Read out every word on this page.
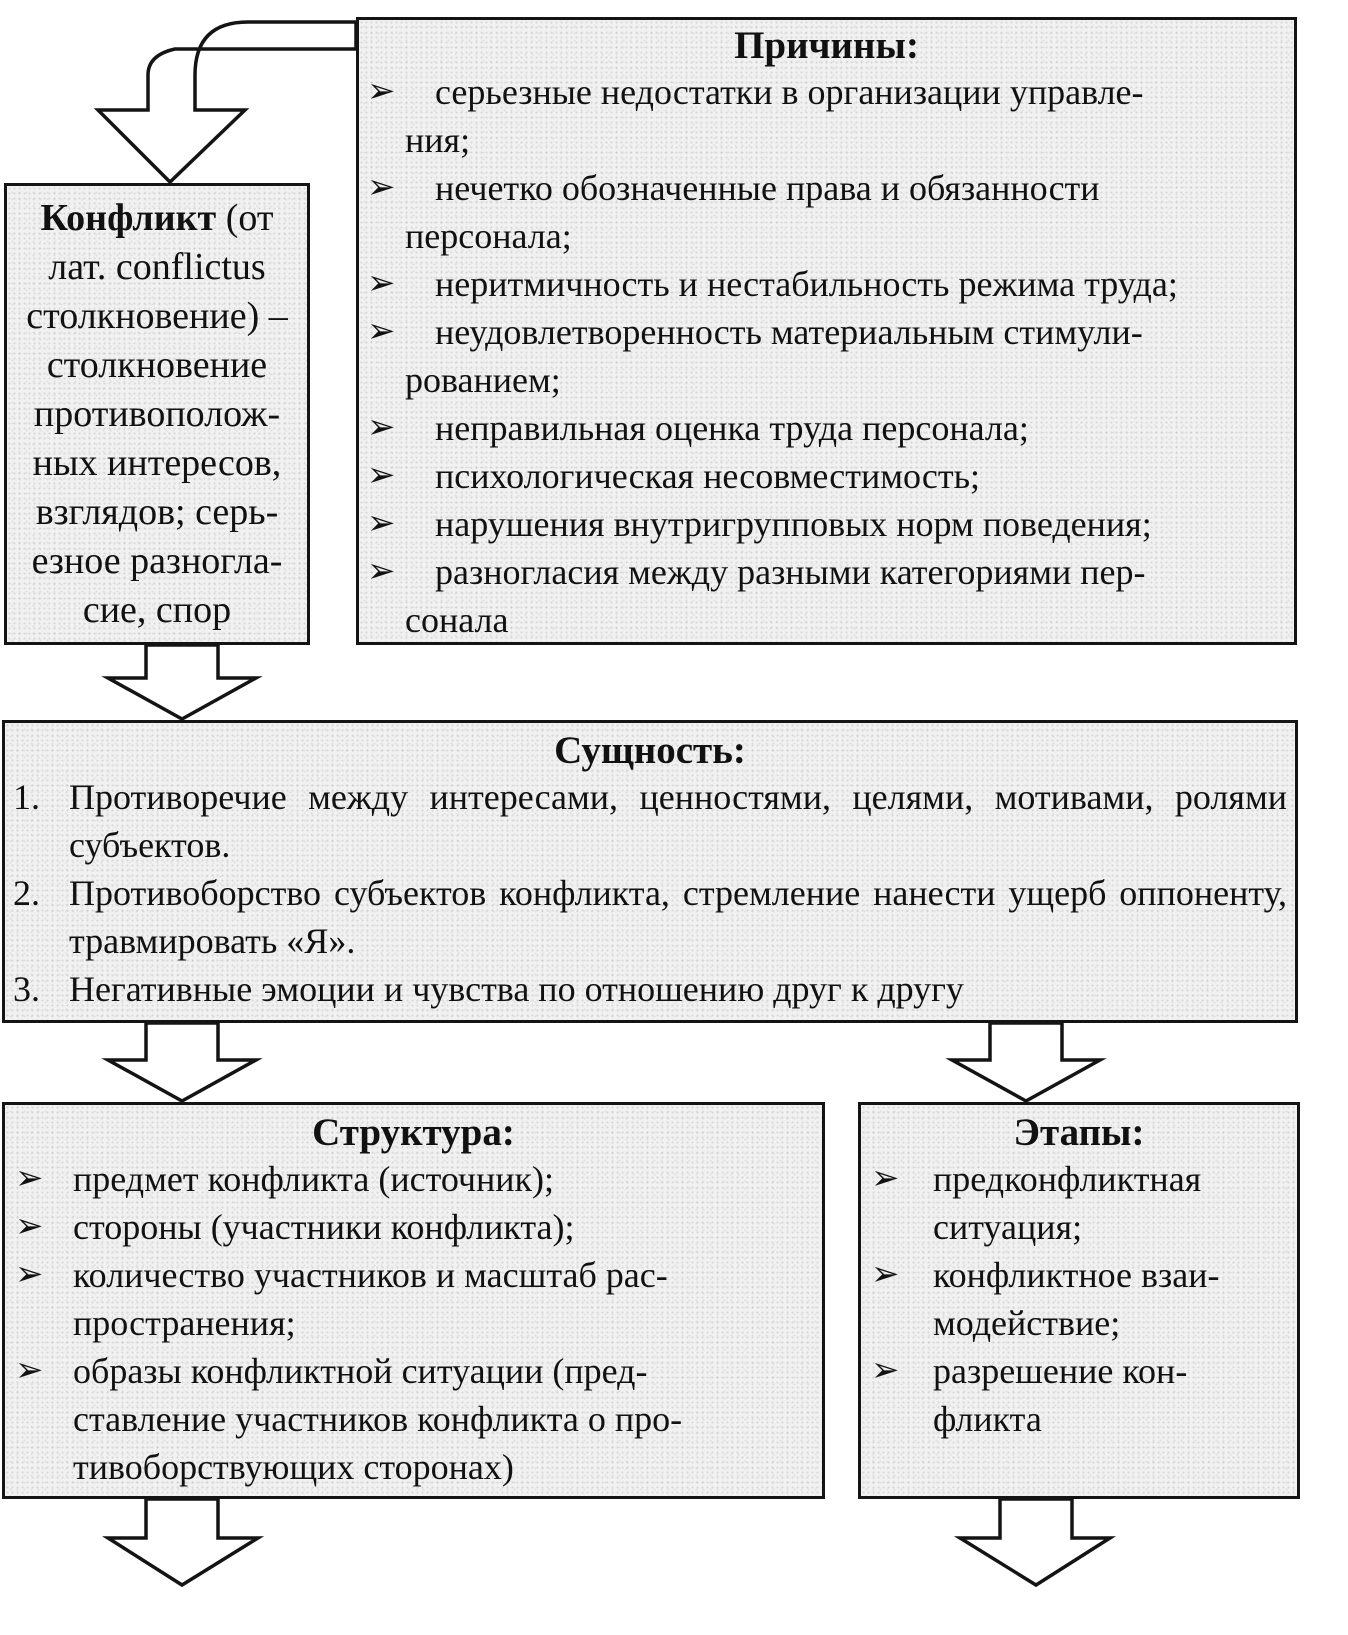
Конфликт (от
лат. conflictus
столкновение) –
столкновение
противополож-
ных интересов,
взглядов; серь-
езное разногла-
сие, спор

Причины:

➢ серьезные недостатки в организации управле-
ния;
➢ нечетко обозначенные права и обязанности
персонала;
➢ неритмичность и нестабильность режима труда;
➢ неудовлетворенность материальным стимули-
рованием;
➢ неправильная оценка труда персонала;
➢ психологическая несовместимость;
➢ нарушения внутригрупповых норм поведения;
➢ разногласия между разными категориями пер-
сонала

Сущность:

1. Противоречие между интересами, ценностями, целями, мотивами, ролями субъектов.
2. Противоборство субъектов конфликта, стремление нанести ущерб оппоненту, травмировать «Я».
3. Негативные эмоции и чувства по отношению друг к другу

Структура:

➢ предмет конфликта (источник);
➢ стороны (участники конфликта);
➢ количество участников и масштаб рас-
пространения;
➢ образы конфликтной ситуации (пред-
ставление участников конфликта о про-
тивоборствующих сторонах)

Этапы:

➢ предконфликтная
ситуация;
➢ конфликтное взаи-
модействие;
➢ разрешение кон-
фликта
